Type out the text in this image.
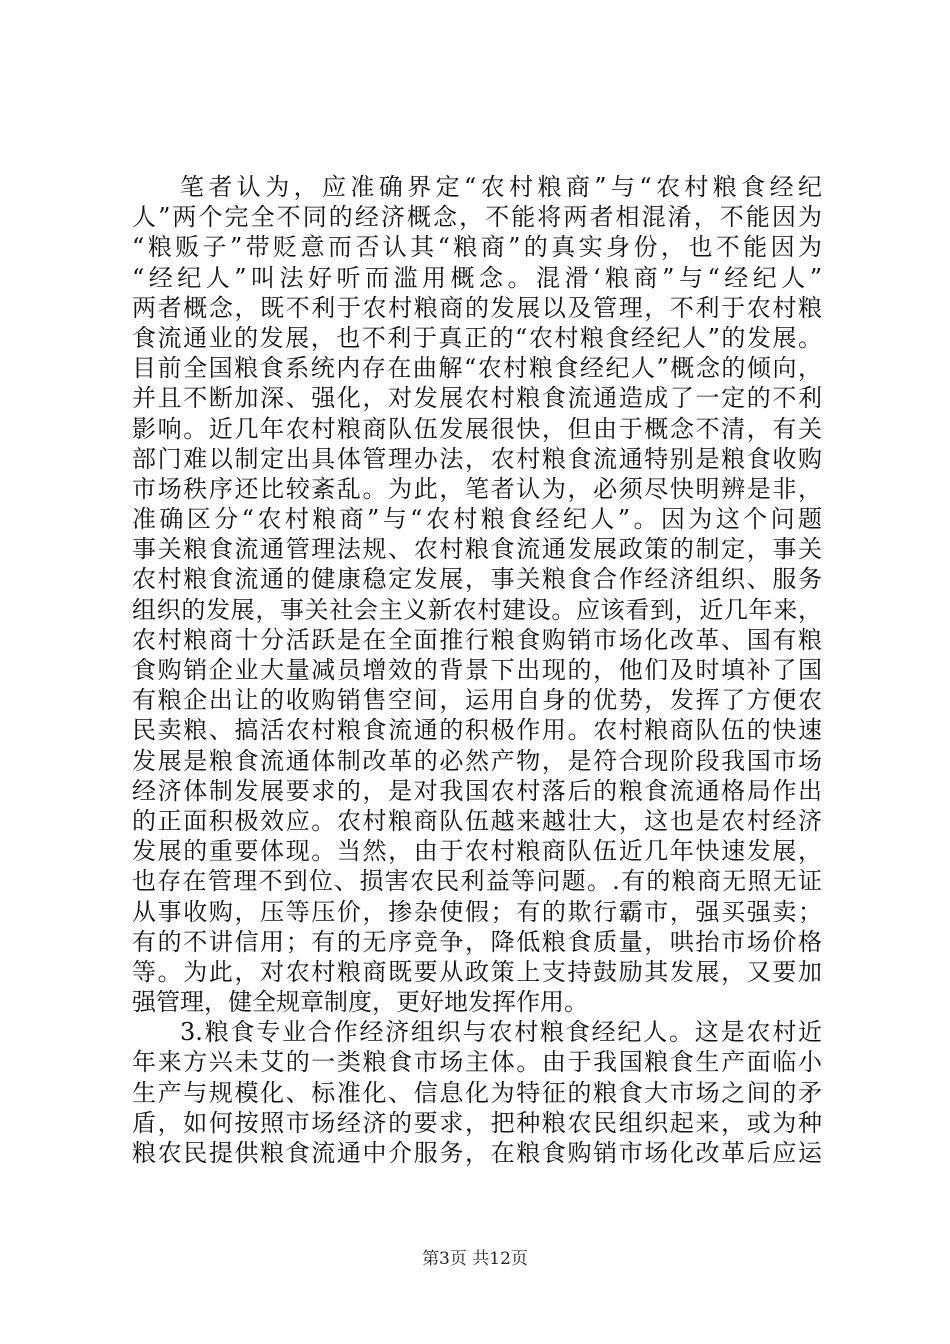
笔者认为，应准确界定“农村粮商”与“农村粮食经纪
人”两个完全不同的经济概念，不能将两者相混淆，不能因为
“粮贩子”带贬意而否认其“粮商”的真实身份，也不能因为
“经纪人”叫法好听而滥用概念。混滑‘粮商”与“经纪人”
两者概念，既不利于农村粮商的发展以及管理，不利于农村粮
食流通业的发展，也不利于真正的“农村粮食经纪人”的发展。
目前全国粮食系统内存在曲解“农村粮食经纪人”概念的倾向，
并且不断加深、强化，对发展农村粮食流通造成了一定的不利
影响。近几年农村粮商队伍发展很快，但由于概念不清，有关
部门难以制定出具体管理办法，农村粮食流通特别是粮食收购
市场秩序还比较紊乱。为此，笔者认为，必须尽快明辨是非，
准确区分“农村粮商”与“农村粮食经纪人”。因为这个问题
事关粮食流通管理法规、农村粮食流通发展政策的制定，事关
农村粮食流通的健康稳定发展，事关粮食合作经济组织、服务
组织的发展，事关社会主义新农村建设。应该看到，近几年来，
农村粮商十分活跃是在全面推行粮食购销市场化改革、国有粮
食购销企业大量减员增效的背景下出现的，他们及时填补了国
有粮企出让的收购销售空间，运用自身的优势，发挥了方便农
民卖粮、搞活农村粮食流通的积极作用。农村粮商队伍的快速
发展是粮食流通体制改革的必然产物，是符合现阶段我国市场
经济体制发展要求的，是对我国农村落后的粮食流通格局作出
的正面积极效应。农村粮商队伍越来越壮大，这也是农村经济
发展的重要体现。当然，由于农村粮商队伍近几年快速发展，
也存在管理不到位、损害农民利益等问题。.有的粮商无照无证
从事收购，压等压价，掺杂使假；有的欺行霸市，强买强卖；
有的不讲信用；有的无序竞争，降低粮食质量，哄抬市场价格
等。为此，对农村粮商既要从政策上支持鼓励其发展，又要加
强管理，健全规章制度，更好地发挥作用。
3.粮食专业合作经济组织与农村粮食经纪人。这是农村近
年来方兴未艾的一类粮食市场主体。由于我国粮食生产面临小
生产与规模化、标准化、信息化为特征的粮食大市场之间的矛
盾，如何按照市场经济的要求，把种粮农民组织起来，或为种
粮农民提供粮食流通中介服务，在粮食购销市场化改革后应运
第3页 共12页
